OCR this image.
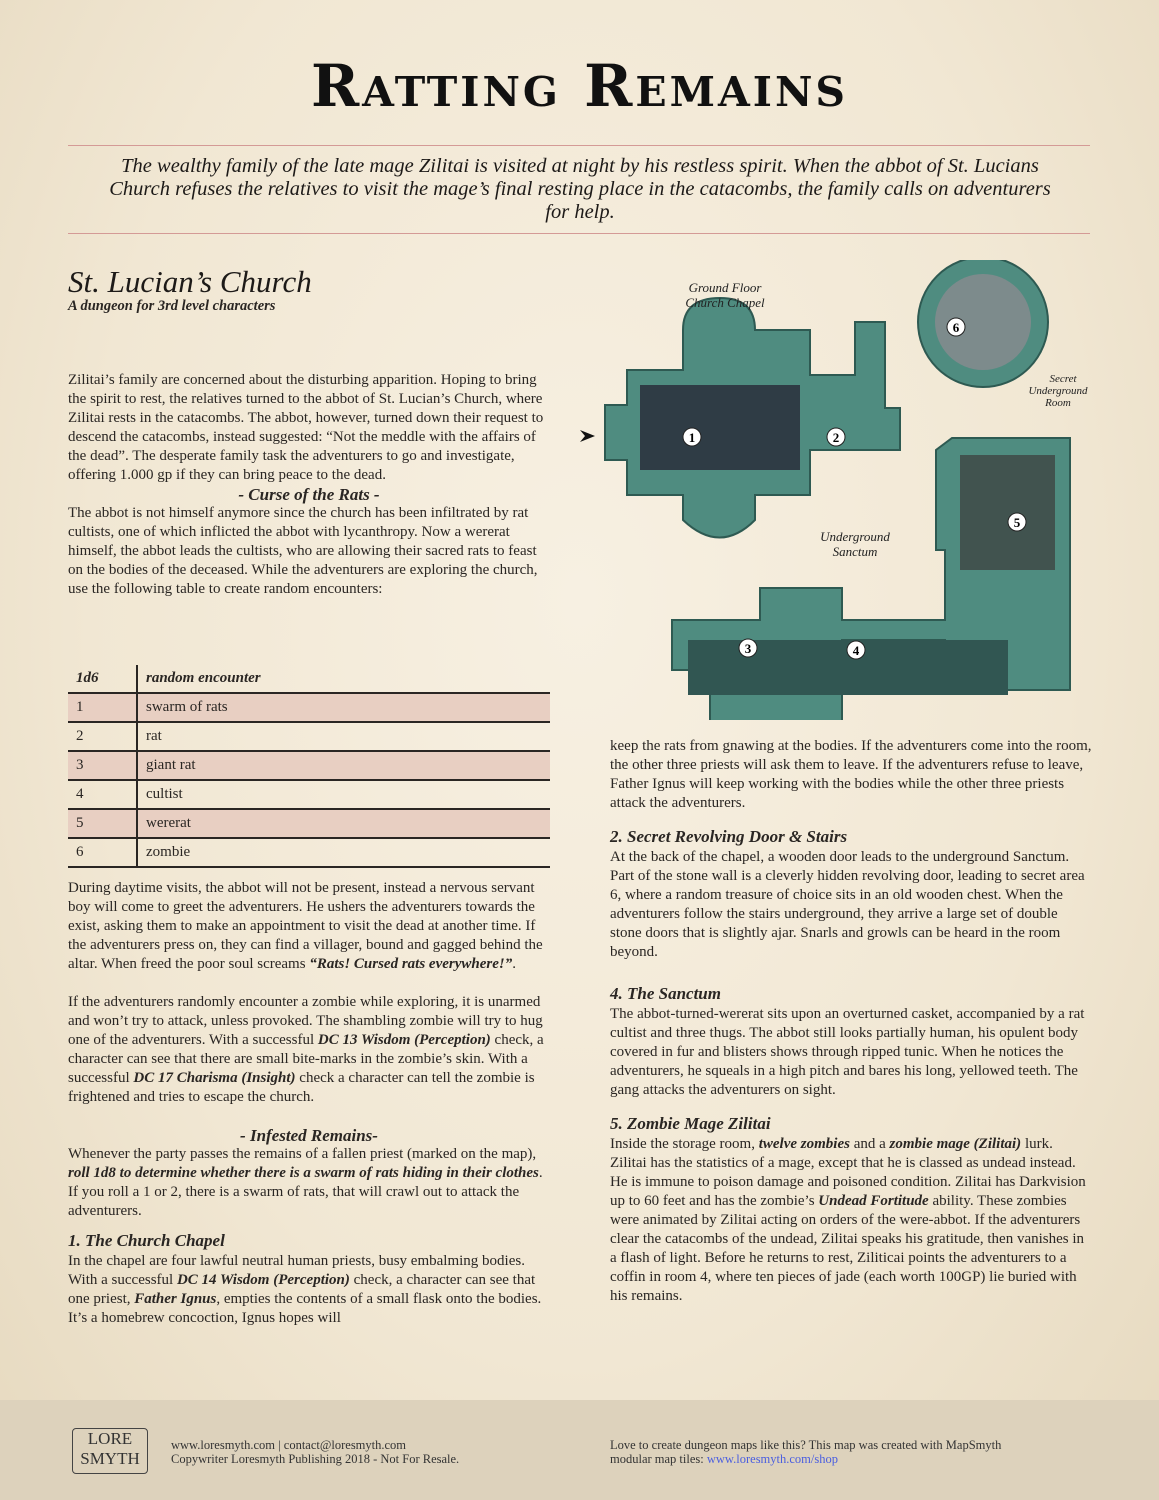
Ratting Remains
The wealthy family of the late mage Zilitai is visited at night by his restless spirit. When the abbot of St. Lucians Church refuses the relatives to visit the mage’s final resting place in the catacombs, the family calls on adventurers for help.
St. Lucian’s Church
A dungeon for 3rd level characters

Zilitai’s family are concerned about the disturbing apparition. Hoping to bring the spirit to rest, the relatives turned to the abbot of St. Lucian’s Church, where Zilitai rests in the catacombs. The abbot, however, turned down their request to descend the catacombs, instead suggested: “Not the meddle with the affairs of the dead”. The desperate family task the adventurers to go and investigate, offering 1.000 gp if they can bring peace to the dead.

- Curse of the Rats -

The abbot is not himself anymore since the church has been infiltrated by rat cultists, one of which inflicted the abbot with lycanthropy. Now a wererat himself, the abbot leads the cultists, who are allowing their sacred rats to feast on the bodies of the deceased. While the adventurers are exploring the church, use the following table to create random encounters:

1d6	random encounter
1	swarm of rats
2	rat
3	giant rat
4	cultist
5	wererat
6	zombie

During daytime visits, the abbot will not be present, instead a nervous servant boy will come to greet the adventurers. He ushers the adventurers towards the exist, asking them to make an appointment to visit the dead at another time. If the adventurers press on, they can find a villager, bound and gagged behind the altar. When freed the poor soul screams “Rats! Cursed rats everywhere!”.

If the adventurers randomly encounter a zombie while exploring, it is unarmed and won’t try to attack, unless provoked. The shambling zombie will try to hug one of the adventurers. With a successful DC 13 Wisdom (Perception) check, a character can see that there are small bite-marks in the zombie’s skin. With a successful DC 17 Charisma (Insight) check a character can tell the zombie is frightened and tries to escape the church.

- Infested Remains-

Whenever the party passes the remains of a fallen priest (marked on the map), roll 1d8 to determine whether there is a swarm of rats hiding in their clothes. If you roll a 1 or 2, there is a swarm of rats, that will crawl out to attack the adventurers.

1. The Church Chapel

In the chapel are four lawful neutral human priests, busy embalming bodies. With a successful DC 14 Wisdom (Perception) check, a character can see that one priest, Father Ignus, empties the contents of a small flask onto the bodies. It’s a homebrew concoction, Ignus hopes will

Ground Floor
Church Chapel
Secret
Underground
Room
Underground
Sanctum
1	2
3	4
5
6

keep the rats from gnawing at the bodies. If the adventurers come into the room, the other three priests will ask them to leave. If the adventurers refuse to leave, Father Ignus will keep working with the bodies while the other three priests attack the adventurers.

2. Secret Revolving Door & Stairs

At the back of the chapel, a wooden door leads to the underground Sanctum. Part of the stone wall is a cleverly hidden revolving door, leading to secret area 6, where a random treasure of choice sits in an old wooden chest. When the adventurers follow the stairs underground, they arrive a large set of double stone doors that is slightly ajar. Snarls and growls can be heard in the room beyond.

4. The Sanctum

The abbot-turned-wererat sits upon an overturned casket, accompanied by a rat cultist and three thugs. The abbot still looks partially human, his opulent body covered in fur and blisters shows through ripped tunic. When he notices the adventurers, he squeals in a high pitch and bares his long, yellowed teeth. The gang attacks the adventurers on sight.

5. Zombie Mage Zilitai

Inside the storage room, twelve zombies and a zombie mage (Zilitai) lurk. Zilitai has the statistics of a mage, except that he is classed as undead instead. He is immune to poison damage and poisoned condition. Zilitai has Darkvision up to 60 feet and has the zombie’s Undead Fortitude ability. These zombies were animated by Zilitai acting on orders of the were-abbot. If the adventurers clear the catacombs of the undead, Zilitai speaks his gratitude, then vanishes in a flash of light. Before he returns to rest, Ziliticai points the adventurers to a coffin in room 4, where ten pieces of jade (each worth 100GP) lie buried with his remains.

LORE
SMYTH
www.loresmyth.com | contact@loresmyth.com
Copywriter Loresmyth Publishing 2018 - Not For Resale.
Love to create dungeon maps like this? This map was created with MapSmyth
modular map tiles: www.loresmyth.com/shop
